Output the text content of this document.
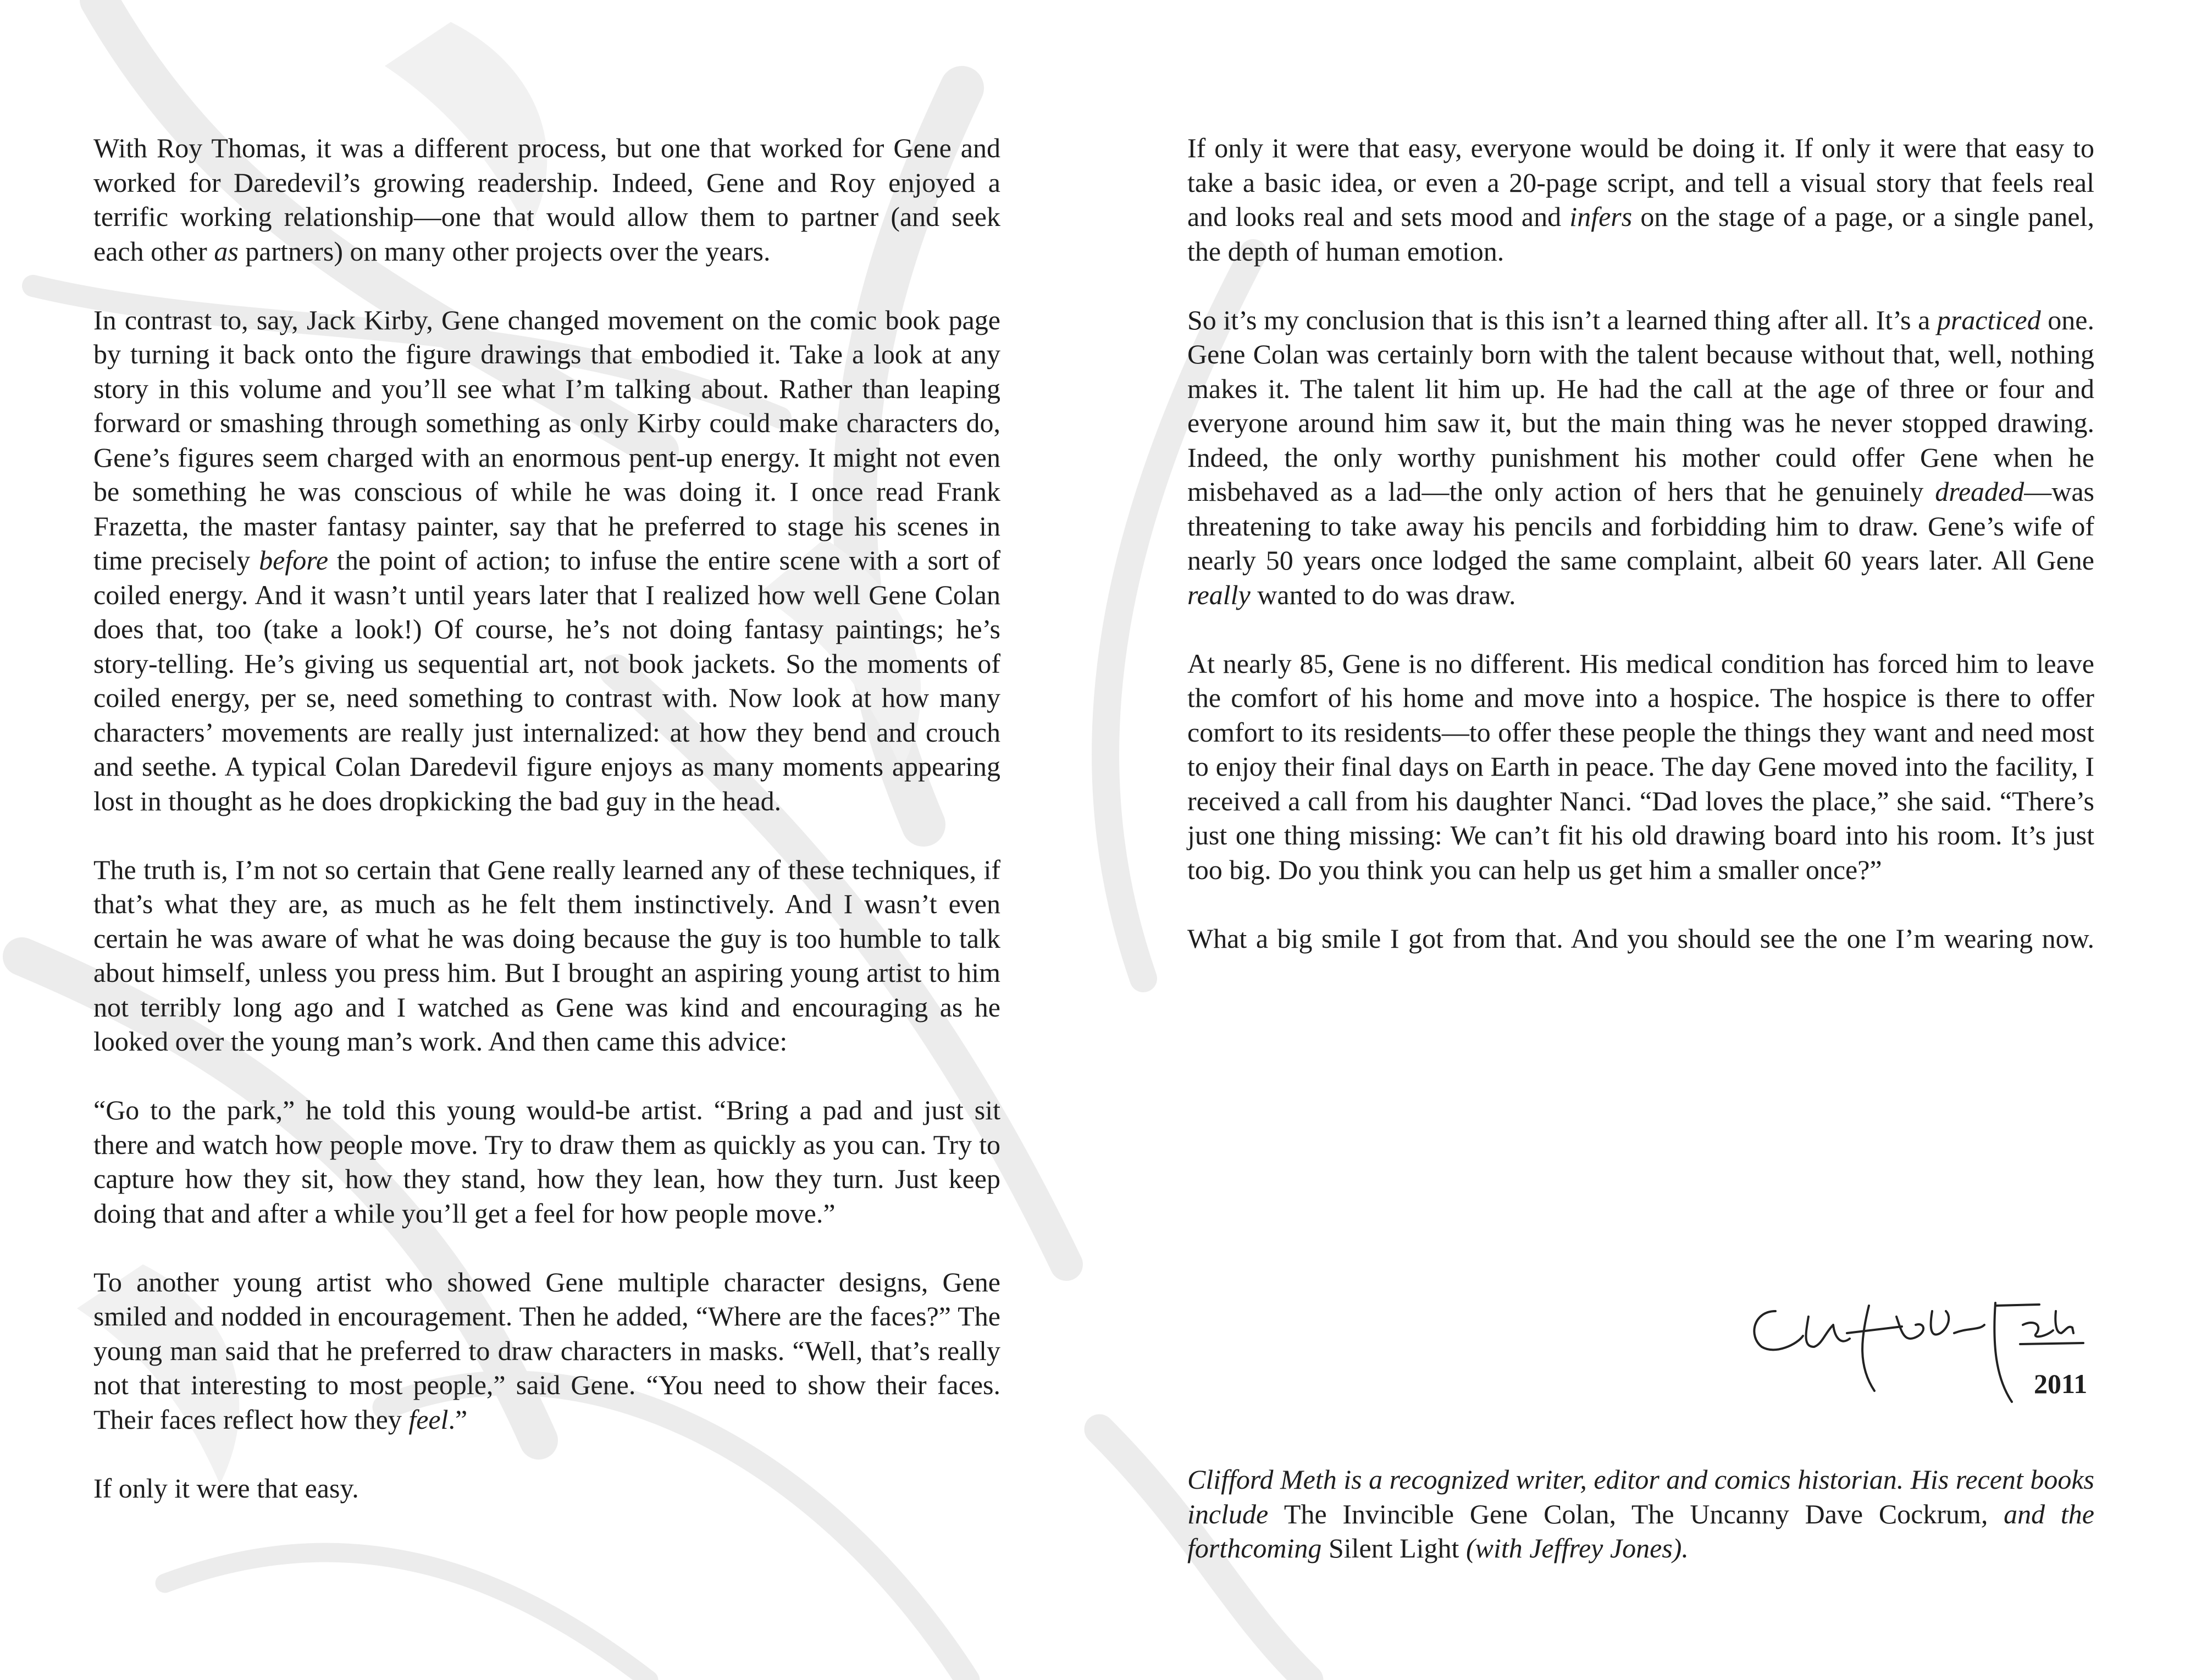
With Roy Thomas, it was a different process, but one that worked for Gene and worked for Daredevil’s growing readership. Indeed, Gene and Roy enjoyed a terrific working relationship—one that would allow them to partner (and seek each other as partners) on many other projects over the years.

In contrast to, say, Jack Kirby, Gene changed movement on the comic book page by turning it back onto the figure drawings that embodied it. Take a look at any story in this volume and you’ll see what I’m talking about. Rather than leaping forward or smashing through something as only Kirby could make characters do, Gene’s figures seem charged with an enormous pent-up energy. It might not even be something he was conscious of while he was doing it. I once read Frank Frazetta, the master fantasy painter, say that he preferred to stage his scenes in time precisely before the point of action; to infuse the entire scene with a sort of coiled energy. And it wasn’t until years later that I realized how well Gene Colan does that, too (take a look!) Of course, he’s not doing fantasy paintings; he’s story-telling. He’s giving us sequential art, not book jackets. So the moments of coiled energy, per se, need something to contrast with. Now look at how many characters’ movements are really just internalized: at how they bend and crouch and seethe. A typical Colan Daredevil figure enjoys as many moments appearing lost in thought as he does dropkicking the bad guy in the head.

The truth is, I’m not so certain that Gene really learned any of these techniques, if that’s what they are, as much as he felt them instinctively. And I wasn’t even certain he was aware of what he was doing because the guy is too humble to talk about himself, unless you press him. But I brought an aspiring young artist to him not terribly long ago and I watched as Gene was kind and encouraging as he looked over the young man’s work. And then came this advice:

“Go to the park,” he told this young would-be artist. “Bring a pad and just sit there and watch how people move. Try to draw them as quickly as you can. Try to capture how they sit, how they stand, how they lean, how they turn. Just keep doing that and after a while you’ll get a feel for how people move.”

To another young artist who showed Gene multiple character designs, Gene smiled and nodded in encouragement. Then he added, “Where are the faces?” The young man said that he preferred to draw characters in masks. “Well, that’s really not that interesting to most people,” said Gene. “You need to show their faces. Their faces reflect how they feel.”

If only it were that easy.

If only it were that easy, everyone would be doing it. If only it were that easy to take a basic idea, or even a 20-page script, and tell a visual story that feels real and looks real and sets mood and infers on the stage of a page, or a single panel, the depth of human emotion.

So it’s my conclusion that is this isn’t a learned thing after all. It’s a practiced one. Gene Colan was certainly born with the talent because without that, well, nothing makes it. The talent lit him up. He had the call at the age of three or four and everyone around him saw it, but the main thing was he never stopped drawing. Indeed, the only worthy punishment his mother could offer Gene when he misbehaved as a lad—the only action of hers that he genuinely dreaded—was threatening to take away his pencils and forbidding him to draw. Gene’s wife of nearly 50 years once lodged the same complaint, albeit 60 years later. All Gene really wanted to do was draw.

At nearly 85, Gene is no different. His medical condition has forced him to leave the comfort of his home and move into a hospice. The hospice is there to offer comfort to its residents—to offer these people the things they want and need most to enjoy their final days on Earth in peace. The day Gene moved into the facility, I received a call from his daughter Nanci. “Dad loves the place,” she said. “There’s just one thing missing: We can’t fit his old drawing board into his room. It’s just too big. Do you think you can help us get him a smaller once?”

What a big smile I got from that. And you should see the one I’m wearing now.

2011

Clifford Meth is a recognized writer, editor and comics historian. His recent books include The Invincible Gene Colan, The Uncanny Dave Cockrum, and the forthcoming Silent Light (with Jeffrey Jones).
